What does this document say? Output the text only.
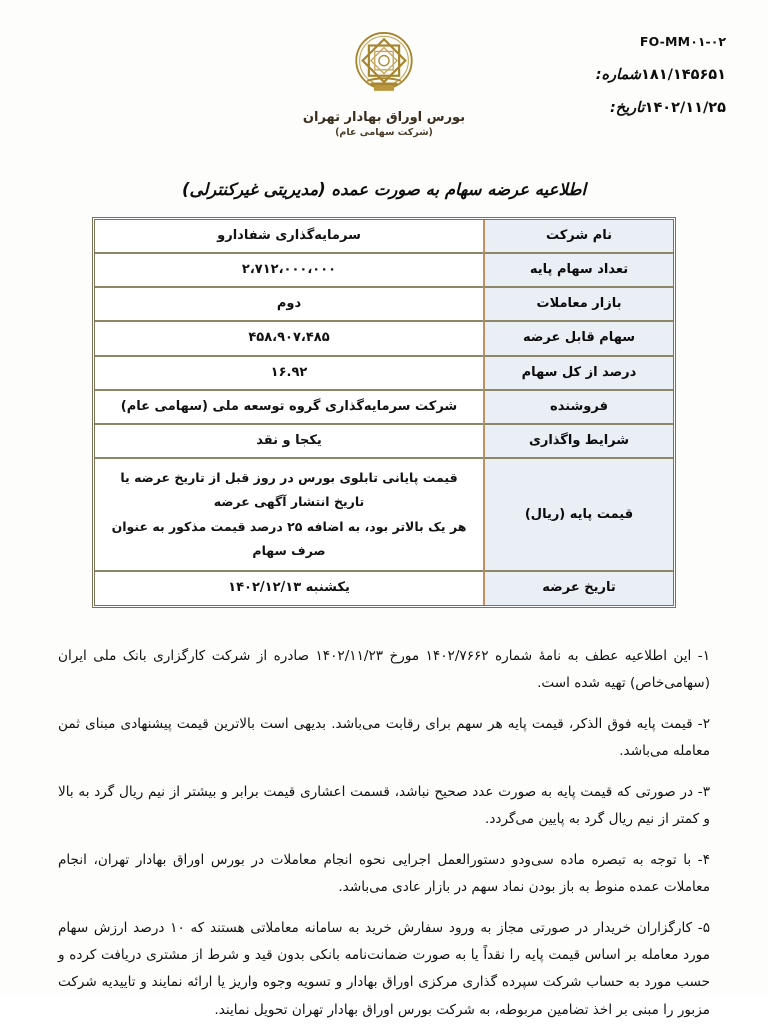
FO-MM۰۱-۰۲
۱۸۱/۱۴۵۶۵۱شماره:
۱۴۰۲/۱۱/۲۵تاریخ:
بورس اوراق بهادار تهران
(شرکت سهامی عام)
اطلاعیه عرضه سهام به صورت عمده (مدیریتی غیرکنترلی)
نام شرکت	سرمایه‌گذاری شفادارو
تعداد سهام پایه	۲،۷۱۲،۰۰۰،۰۰۰
بازار معاملات	دوم
سهام قابل عرضه	۴۵۸،۹۰۷،۴۸۵
درصد از کل سهام	۱۶.۹۲
فروشنده	شرکت سرمایه‌گذاری گروه توسعه ملی (سهامی عام)
شرایط واگذاری	یکجا و نقد
قیمت پایه (ریال)	قیمت پایانی تابلوی بورس در روز قبل از تاریخ عرضه یا تاریخ انتشار آگهی عرضه
هر یک بالاتر بود، به اضافه ۲۵ درصد قیمت مذکور به عنوان صرف سهام

تاریخ عرضه	یکشنبه ۱۴۰۲/۱۲/۱۳

۱- این اطلاعیه عطف به نامۀ شماره ۱۴۰۲/۷۶۶۲ مورخ ۱۴۰۲/۱۱/۲۳ صادره از شرکت کارگزاری بانک ملی ایران (سهامی‌خاص) تهیه شده است.

۲- قیمت پایه فوق الذکر، قیمت پایه هر سهم برای رقابت می‌باشد. بدیهی است بالاترین قیمت پیشنهادی مبنای ثمن معامله می‌باشد.

۳- در صورتی که قیمت پایه به صورت عدد صحیح نباشد، قسمت اعشاری قیمت برابر و بیشتر از نیم ریال گرد به بالا و کمتر از نیم ریال گرد به پایین می‌گردد.

۴- با توجه به تبصره ماده سی‌ودو دستورالعمل اجرایی نحوه انجام معاملات در بورس اوراق بهادار تهران، انجام معاملات عمده منوط به باز بودن نماد سهم در بازار عادی می‌باشد.

۵- کارگزاران خریدار در صورتی مجاز به ورود سفارش خرید به سامانه معاملاتی هستند که ۱۰ درصد ارزش سهام مورد معامله بر اساس قیمت پایه را نقداً یا به صورت ضمانت‌نامه بانکی بدون قید و شرط از مشتری دریافت کرده و حسب مورد به حساب شرکت سپرده گذاری مرکزی اوراق بهادار و تسویه وجوه واریز یا ارائه نمایند و تاییدیه شرکت مزبور را مبنی بر اخذ تضامین مربوطه، به شرکت بورس اوراق بهادار تهران تحویل نمایند.
